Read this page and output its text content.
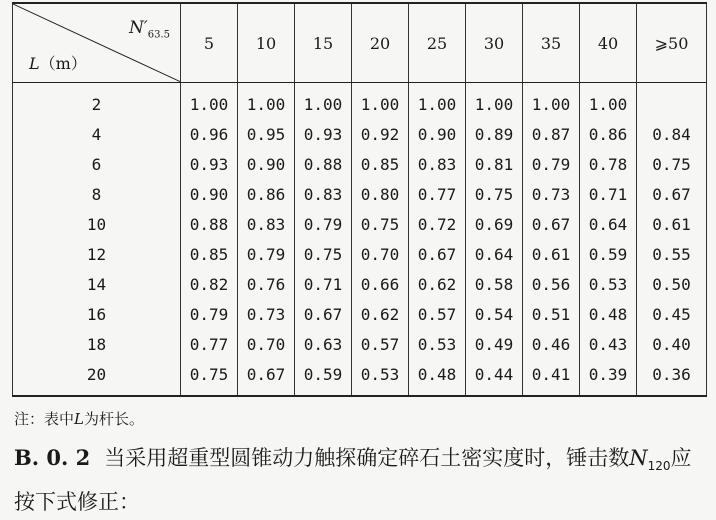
$N'_{63.5}$
L（m）	5	10	15	20	25	30	35	40	⩾50
2	1.00	1.00	1.00	1.00	1.00	1.00	1.00	1.00	
4	0.96	0.95	0.93	0.92	0.90	0.89	0.87	0.86	0.84
6	0.93	0.90	0.88	0.85	0.83	0.81	0.79	0.78	0.75
8	0.90	0.86	0.83	0.80	0.77	0.75	0.73	0.71	0.67
10	0.88	0.83	0.79	0.75	0.72	0.69	0.67	0.64	0.61
12	0.85	0.79	0.75	0.70	0.67	0.64	0.61	0.59	0.55
14	0.82	0.76	0.71	0.66	0.62	0.58	0.56	0.53	0.50
16	0.79	0.73	0.67	0.62	0.57	0.54	0.51	0.48	0.45
18	0.77	0.70	0.63	0.57	0.53	0.49	0.46	0.43	0.40
20	0.75	0.67	0.59	0.53	0.48	0.44	0.41	0.39	0.36
注：表中L为杆长。
B. 0. 2 当采用超重型圆锥动力触探确定碎石土密实度时，锤击数$N_{120}$应按下式修正：
